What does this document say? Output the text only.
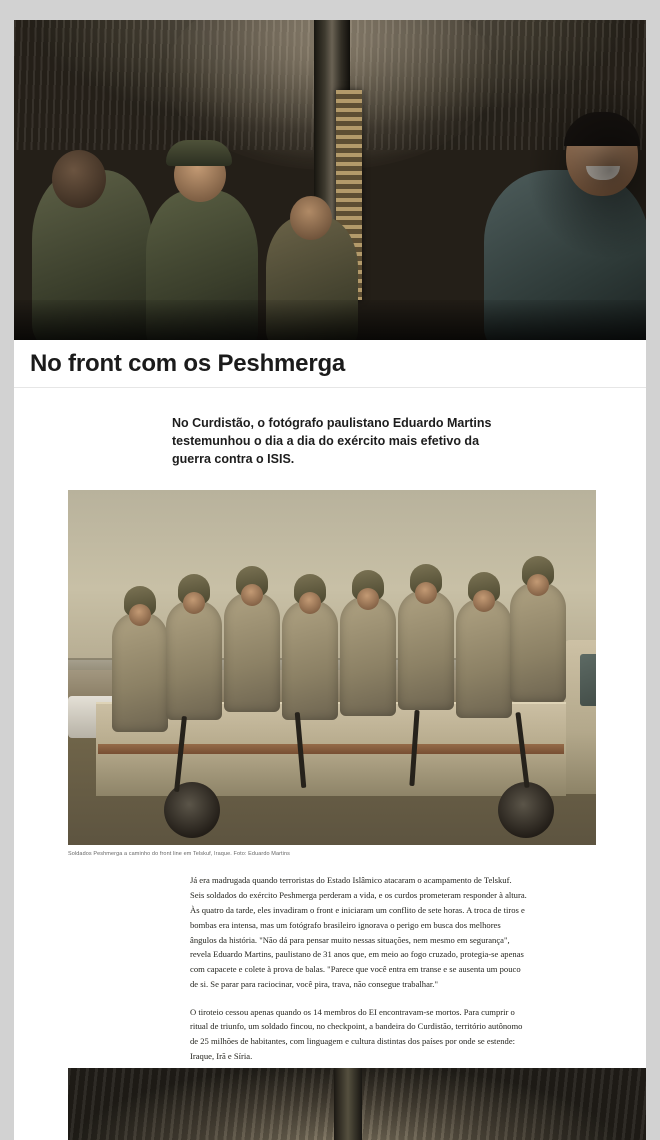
No front com os Peshmerga

No Curdistão, o fotógrafo paulistano Eduardo Martins testemunhou o dia a dia do exército mais efetivo da guerra contra o ISIS.

Soldados Peshmerga a caminho do front line em Telskuf, Iraque. Foto: Eduardo Martins

Já era madrugada quando terroristas do Estado Islâmico atacaram o acampamento de Telskuf. Seis soldados do exército Peshmerga perderam a vida, e os curdos prometeram responder à altura. Às quatro da tarde, eles invadiram o front e iniciaram um conflito de sete horas. A troca de tiros e bombas era intensa, mas um fotógrafo brasileiro ignorava o perigo em busca dos melhores ângulos da história. "Não dá para pensar muito nessas situações, nem mesmo em segurança", revela Eduardo Martins, paulistano de 31 anos que, em meio ao fogo cruzado, protegia-se apenas com capacete e colete à prova de balas. "Parece que você entra em transe e se ausenta um pouco de si. Se parar para raciocinar, você pira, trava, não consegue trabalhar."

O tiroteio cessou apenas quando os 14 membros do EI encontravam-se mortos. Para cumprir o ritual de triunfo, um soldado fincou, no checkpoint, a bandeira do Curdistão, território autônomo de 25 milhões de habitantes, com linguagem e cultura distintas dos países por onde se estende: Iraque, Irã e Síria.
